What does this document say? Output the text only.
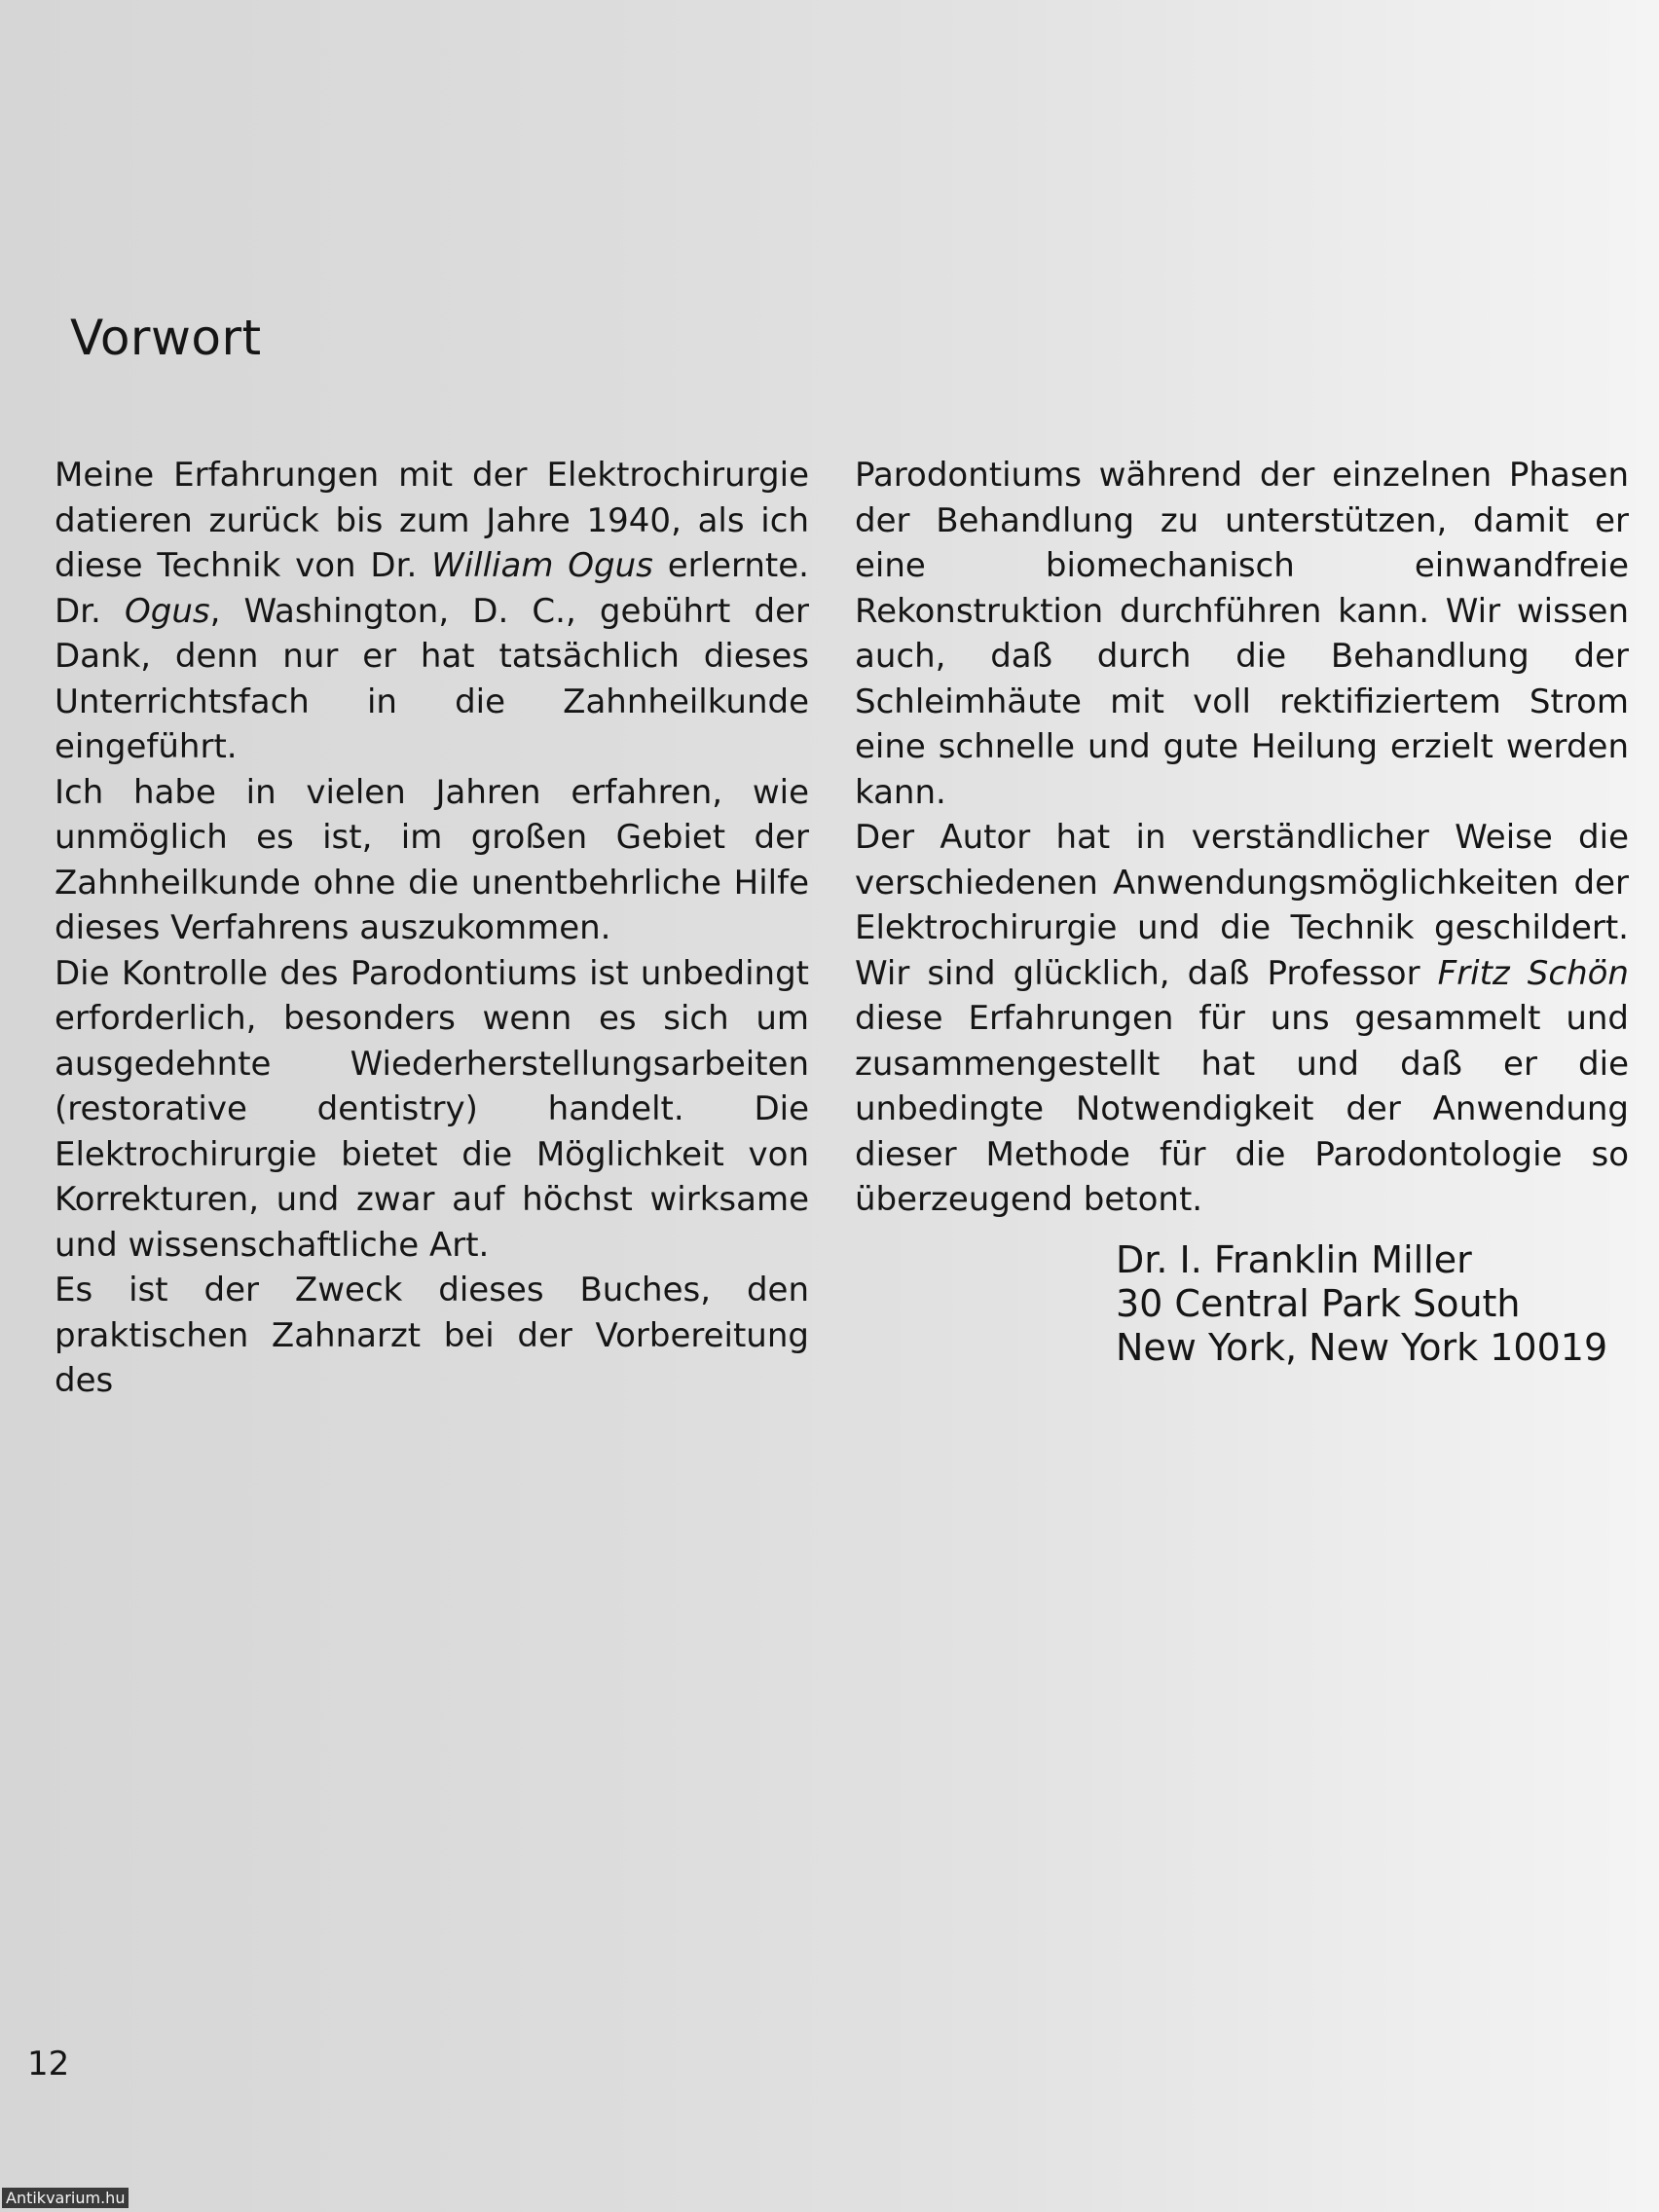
Vorwort

Meine Erfahrungen mit der Elektrochirurgie datieren zurück bis zum Jahre 1940, als ich diese Technik von Dr. William Ogus erlernte. Dr. Ogus, Washington, D. C., gebührt der Dank, denn nur er hat tatsächlich dieses Unterrichtsfach in die Zahnheilkunde eingeführt.

Ich habe in vielen Jahren erfahren, wie unmöglich es ist, im großen Gebiet der Zahnheilkunde ohne die unentbehrliche Hilfe dieses Verfahrens auszukommen.

Die Kontrolle des Parodontiums ist unbedingt erforderlich, besonders wenn es sich um ausgedehnte Wiederherstellungsarbeiten (restorative dentistry) handelt. Die Elektrochirurgie bietet die Möglichkeit von Korrekturen, und zwar auf höchst wirksame und wissenschaftliche Art.

Es ist der Zweck dieses Buches, den praktischen Zahnarzt bei der Vorbereitung des

Parodontiums während der einzelnen Phasen der Behandlung zu unterstützen, damit er eine biomechanisch einwandfreie Rekonstruktion durchführen kann. Wir wissen auch, daß durch die Behandlung der Schleimhäute mit voll rektifiziertem Strom eine schnelle und gute Heilung erzielt werden kann.

Der Autor hat in verständlicher Weise die verschiedenen Anwendungsmöglichkeiten der Elektrochirurgie und die Technik geschildert. Wir sind glücklich, daß Professor Fritz Schön diese Erfahrungen für uns gesammelt und zusammengestellt hat und daß er die unbedingte Notwendigkeit der Anwendung dieser Methode für die Parodontologie so überzeugend betont.

Dr. I. Franklin Miller
30 Central Park South
New York, New York 10019
12
Antikvarium.hu
